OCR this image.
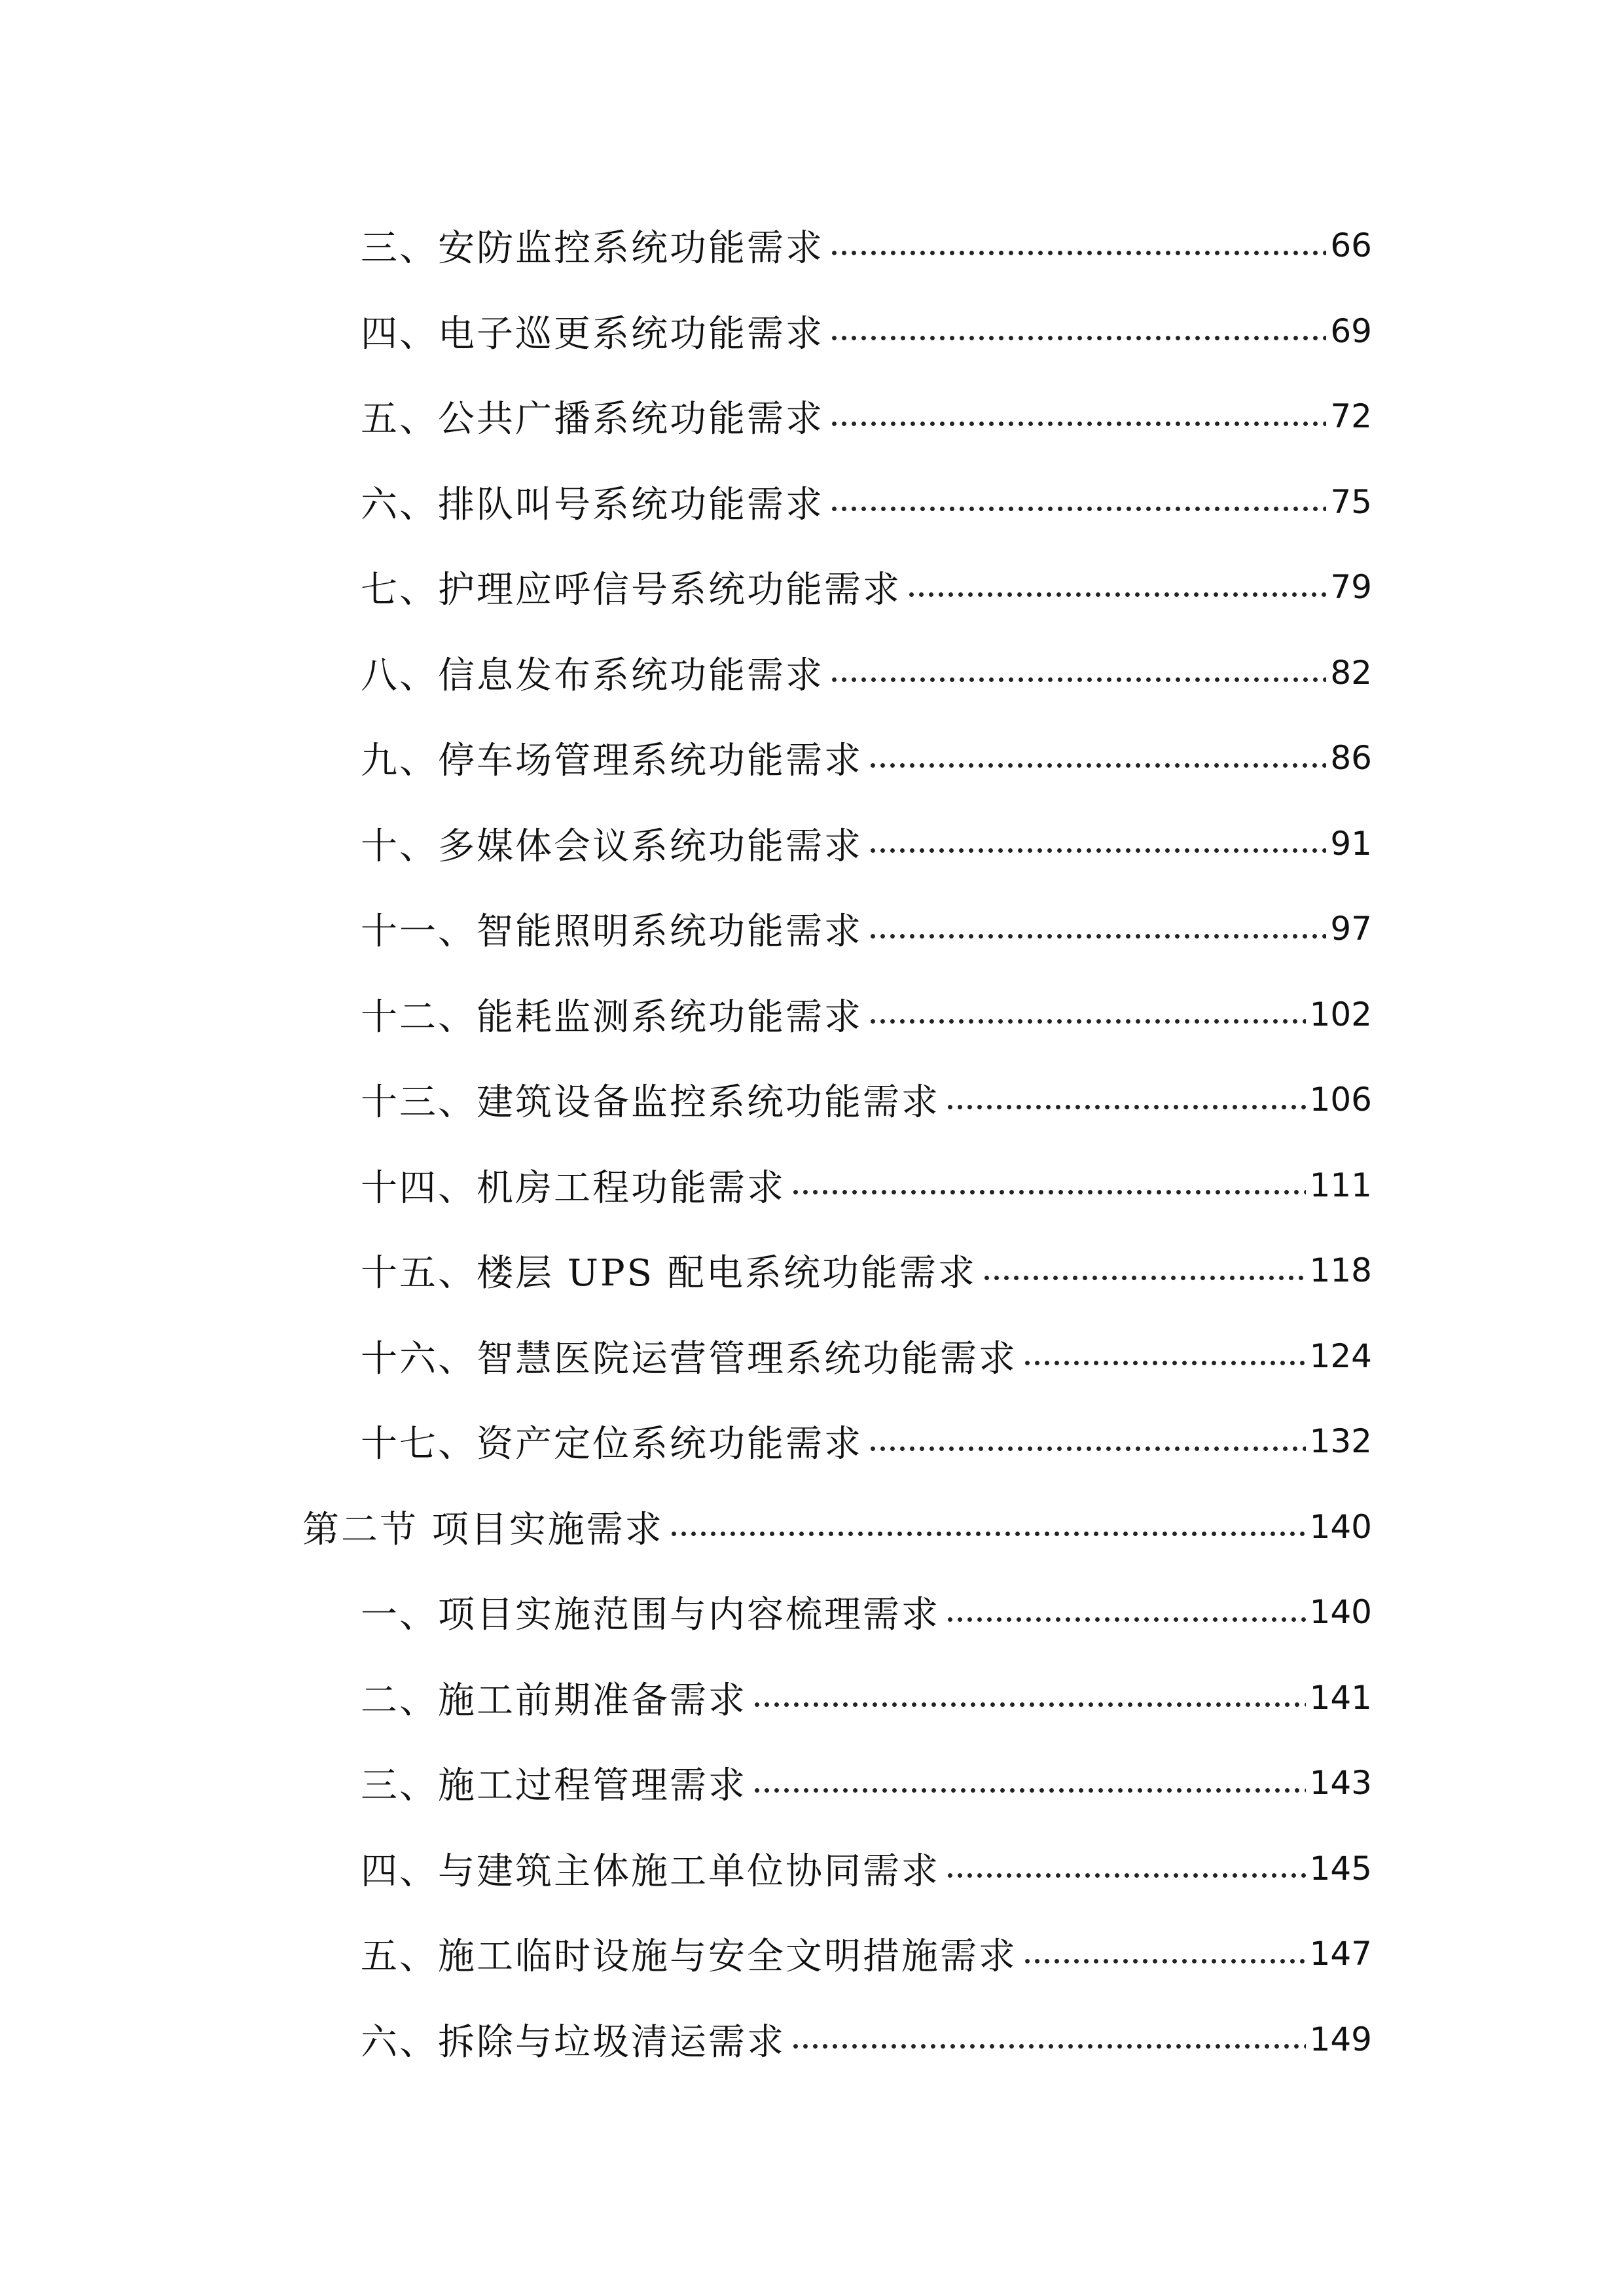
三、安防监控系统功能需求	66
四、电子巡更系统功能需求	69
五、公共广播系统功能需求	72
六、排队叫号系统功能需求	75
七、护理应呼信号系统功能需求	79
八、信息发布系统功能需求	82
九、停车场管理系统功能需求	86
十、多媒体会议系统功能需求	91
十一、智能照明系统功能需求	97
十二、能耗监测系统功能需求	102
十三、建筑设备监控系统功能需求	106
十四、机房工程功能需求	111
十五、楼层 UPS 配电系统功能需求	118
十六、智慧医院运营管理系统功能需求	124
十七、资产定位系统功能需求	132
第二节 项目实施需求	140
一、项目实施范围与内容梳理需求	140
二、施工前期准备需求	141
三、施工过程管理需求	143
四、与建筑主体施工单位协同需求	145
五、施工临时设施与安全文明措施需求	147
六、拆除与垃圾清运需求	149
